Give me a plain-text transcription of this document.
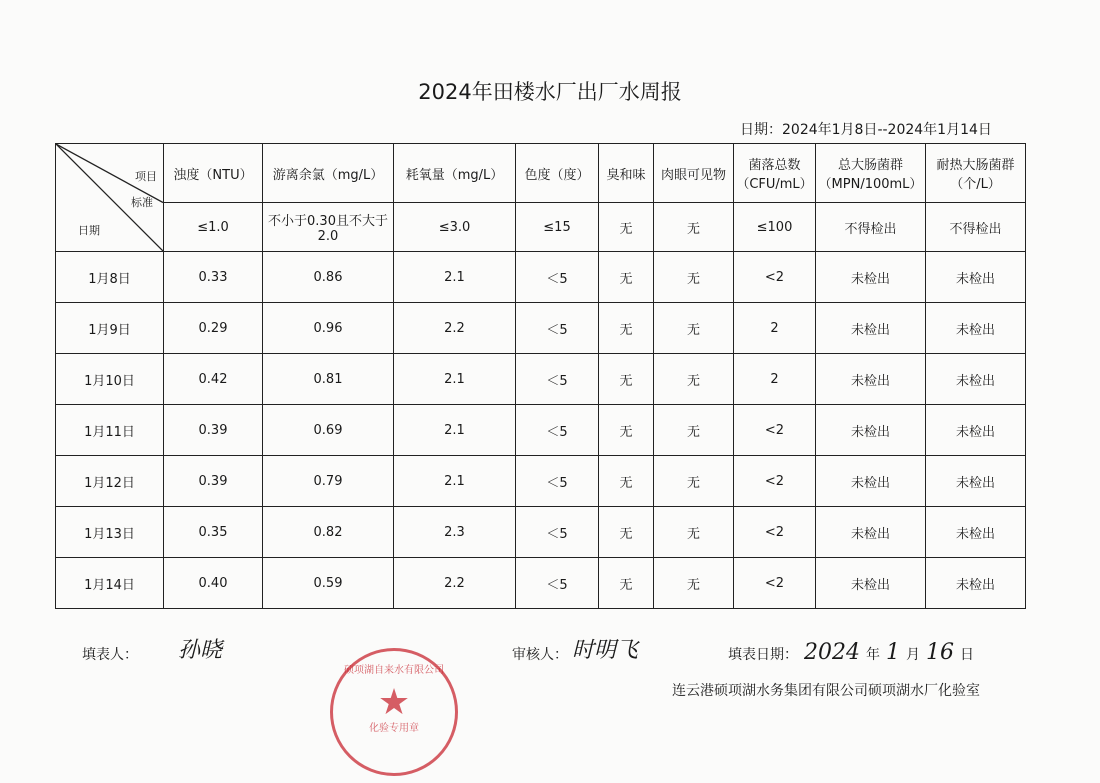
2024年田楼水厂出厂水周报
日期：2024年1月8日--2024年1月14日
项目
标准
日期	浊度（NTU）	游离余氯（mg/L）	耗氧量（mg/L）	色度（度）	臭和味	肉眼可见物	菌落总数（CFU/mL）	总大肠菌群（MPN/100mL）	耐热大肠菌群（个/L）
	≤1.0	不小于0.30且不大于2.0	≤3.0	≤15	无	无	≤100	不得检出	不得检出
1月8日	0.33	0.86	2.1	＜5	无	无	<2	未检出	未检出
1月9日	0.29	0.96	2.2	＜5	无	无	2	未检出	未检出
1月10日	0.42	0.81	2.1	＜5	无	无	2	未检出	未检出
1月11日	0.39	0.69	2.1	＜5	无	无	<2	未检出	未检出
1月12日	0.39	0.79	2.1	＜5	无	无	<2	未检出	未检出
1月13日	0.35	0.82	2.3	＜5	无	无	<2	未检出	未检出
1月14日	0.40	0.59	2.2	＜5	无	无	<2	未检出	未检出
填表人： 孙晓	审核人： 时明飞	填表日期： 2024 年 1 月 16 日
连云港硕项湖水务集团有限公司硕项湖水厂化验室
硕项湖自来水有限公司
★
化验专用章
